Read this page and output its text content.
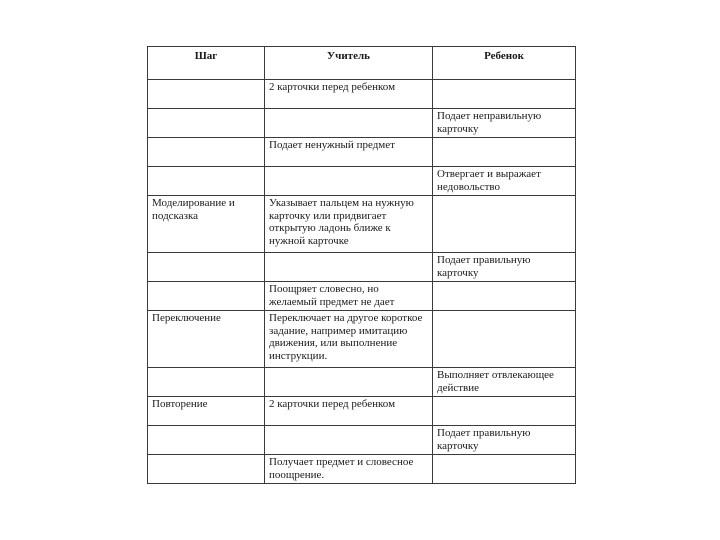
Шаг	Учитель	Ребенок
	2 карточки перед ребенком	
		Подает неправильную карточку
	Подает ненужный предмет	
		Отвергает и выражает недовольство
Моделирование и подсказка	Указывает пальцем на нужную карточку или придвигает открытую ладонь ближе к нужной карточке	
		Подает правильную карточку
	Поощряет словесно, но желаемый предмет не дает	
Переключение	Переключает на другое короткое задание, например имитацию движения, или выполнение инструкции.	
		Выполняет отвлекающее действие
Повторение	2 карточки перед ребенком	
		Подает правильную карточку
	Получает предмет и словесное поощрение.	
